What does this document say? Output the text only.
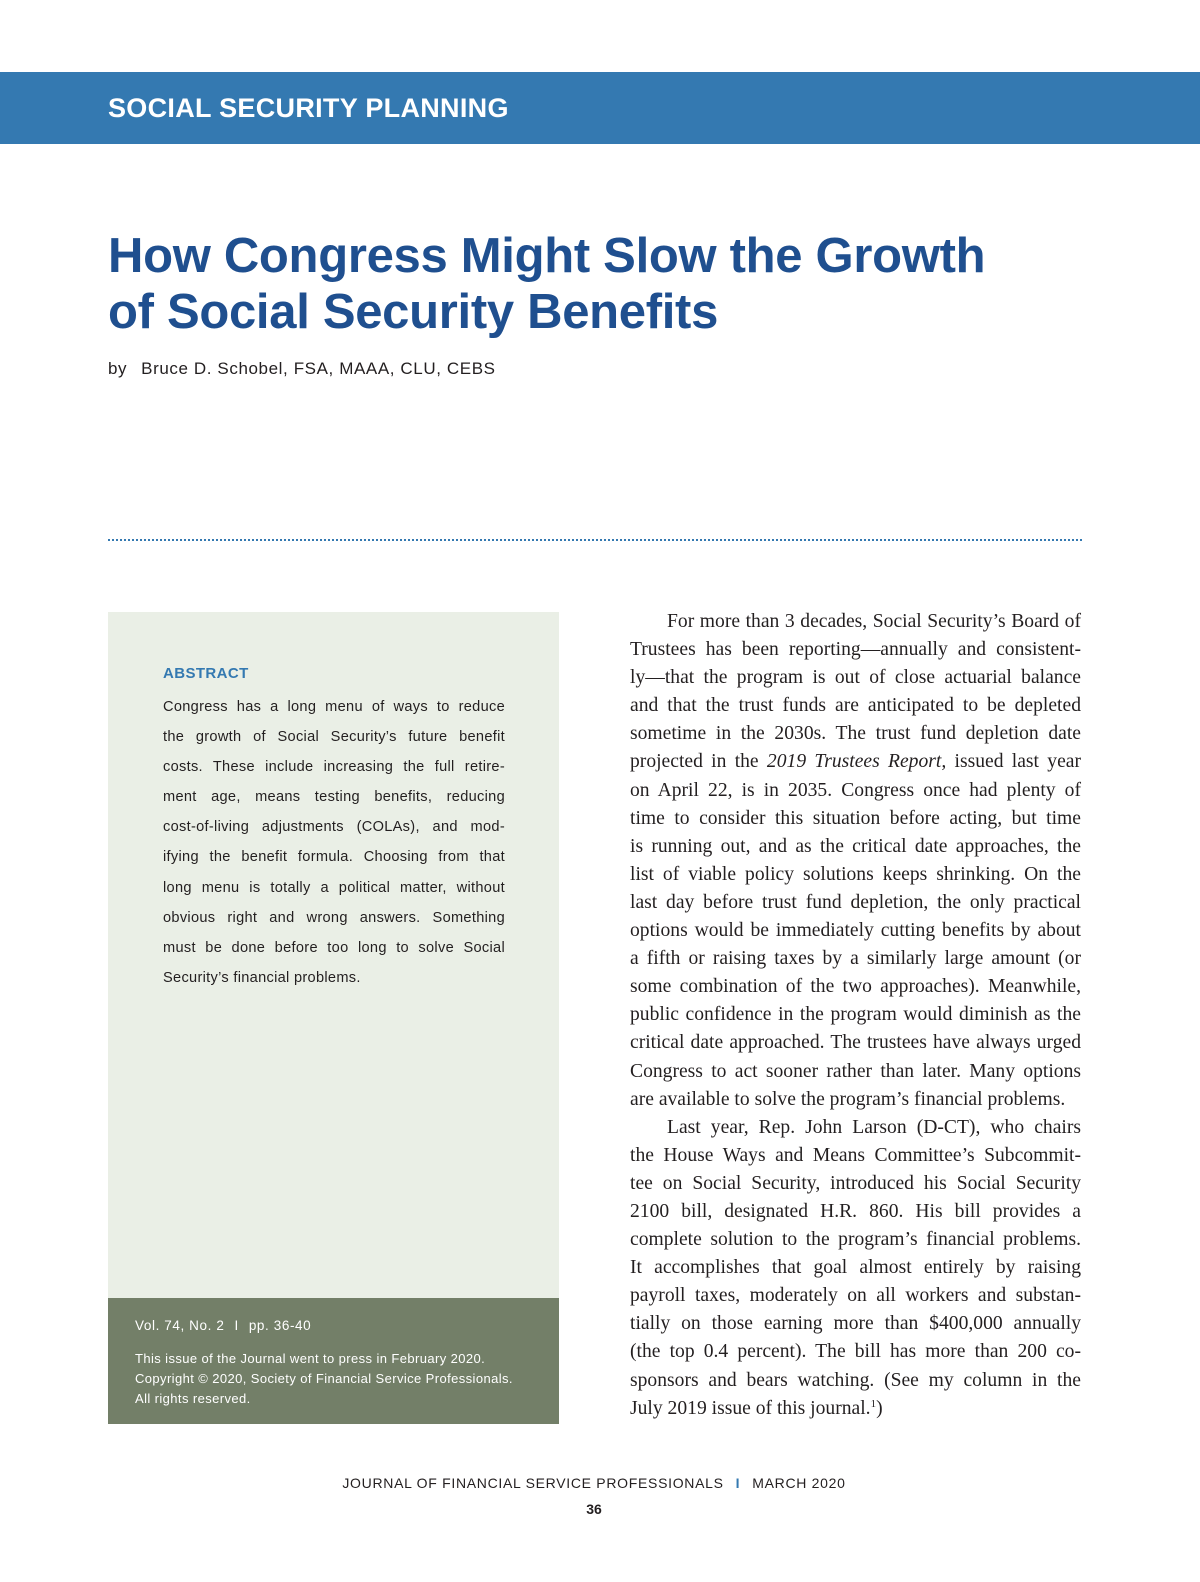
SOCIAL SECURITY PLANNING
How Congress Might Slow the Growth
of Social Security Benefits
by Bruce D. Schobel, FSA, MAAA, CLU, CEBS
ABSTRACT
Congress has a long menu of ways to reduce
the growth of Social Security’s future benefit
costs. These include increasing the full retire-
ment age, means testing benefits, reducing
cost-of-living adjustments (COLAs), and mod-
ifying the benefit formula. Choosing from that
long menu is totally a political matter, without
obvious right and wrong answers. Something
must be done before too long to solve Social
Security’s financial problems.
Vol. 74, No. 2 I pp. 36-40
This issue of the Journal went to press in February 2020.
Copyright © 2020, Society of Financial Service Professionals.
All rights reserved.
For more than 3 decades, Social Security’s Board of
Trustees has been reporting—annually and consistent-
ly—that the program is out of close actuarial balance
and that the trust funds are anticipated to be depleted
sometime in the 2030s. The trust fund depletion date
projected in the 2019 Trustees Report, issued last year
on April 22, is in 2035. Congress once had plenty of
time to consider this situation before acting, but time
is running out, and as the critical date approaches, the
list of viable policy solutions keeps shrinking. On the
last day before trust fund depletion, the only practical
options would be immediately cutting benefits by about
a fifth or raising taxes by a similarly large amount (or
some combination of the two approaches). Meanwhile,
public confidence in the program would diminish as the
critical date approached. The trustees have always urged
Congress to act sooner rather than later. Many options
are available to solve the program’s financial problems.
Last year, Rep. John Larson (D-CT), who chairs
the House Ways and Means Committee’s Subcommit-
tee on Social Security, introduced his Social Security
2100 bill, designated H.R. 860. His bill provides a
complete solution to the program’s financial problems.
It accomplishes that goal almost entirely by raising
payroll taxes, moderately on all workers and substan-
tially on those earning more than $400,000 annually
(the top 0.4 percent). The bill has more than 200 co-
sponsors and bears watching. (See my column in the
July 2019 issue of this journal.$^1$)
JOURNAL OF FINANCIAL SERVICE PROFESSIONALS I MARCH 2020
36
